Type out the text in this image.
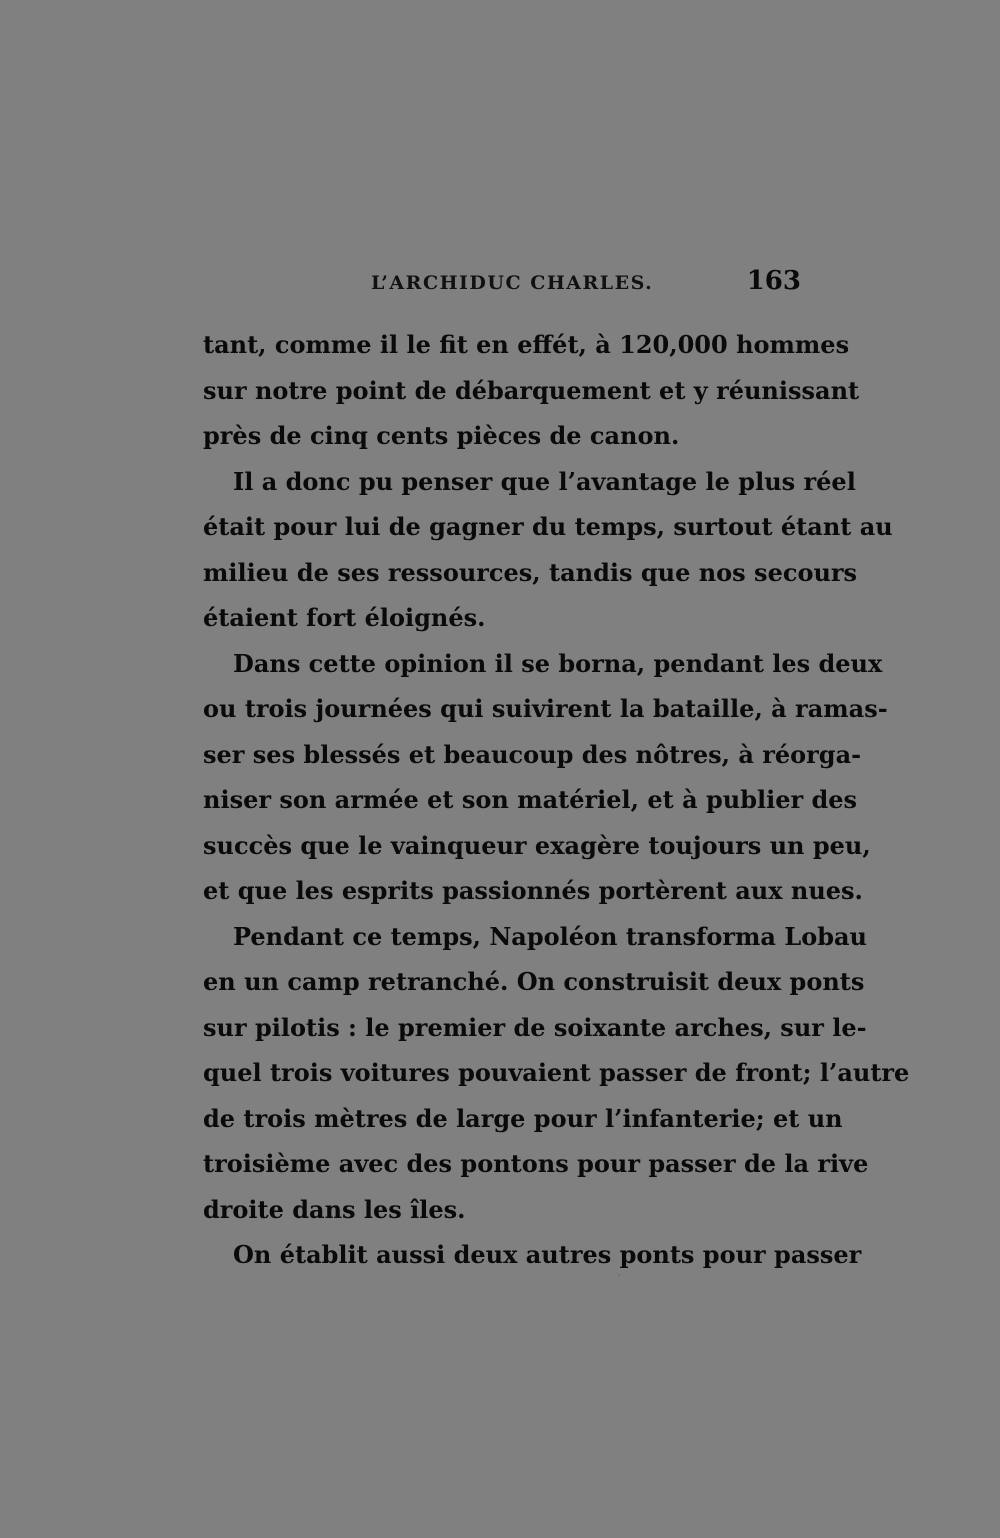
L’ARCHIDUC CHARLES.	163
tant, comme il le fit en effét, à 120,000 hommes
sur notre point de débarquement et y réunissant
près de cinq cents pièces de canon.
Il a donc pu penser que l’avantage le plus réel
était pour lui de gagner du temps, surtout étant au
milieu de ses ressources, tandis que nos secours
étaient fort éloignés.
Dans cette opinion il se borna, pendant les deux
ou trois journées qui suivirent la bataille, à ramas-
ser ses blessés et beaucoup des nôtres, à réorga-
niser son armée et son matériel, et à publier des
succès que le vainqueur exagère toujours un peu,
et que les esprits passionnés portèrent aux nues.
Pendant ce temps, Napoléon transforma Lobau
en un camp retranché. On construisit deux ponts
sur pilotis : le premier de soixante arches, sur le-
quel trois voitures pouvaient passer de front; l’autre
de trois mètres de large pour l’infanterie; et un
troisième avec des pontons pour passer de la rive
droite dans les îles.
On établit aussi deux autres ponts pour passer
